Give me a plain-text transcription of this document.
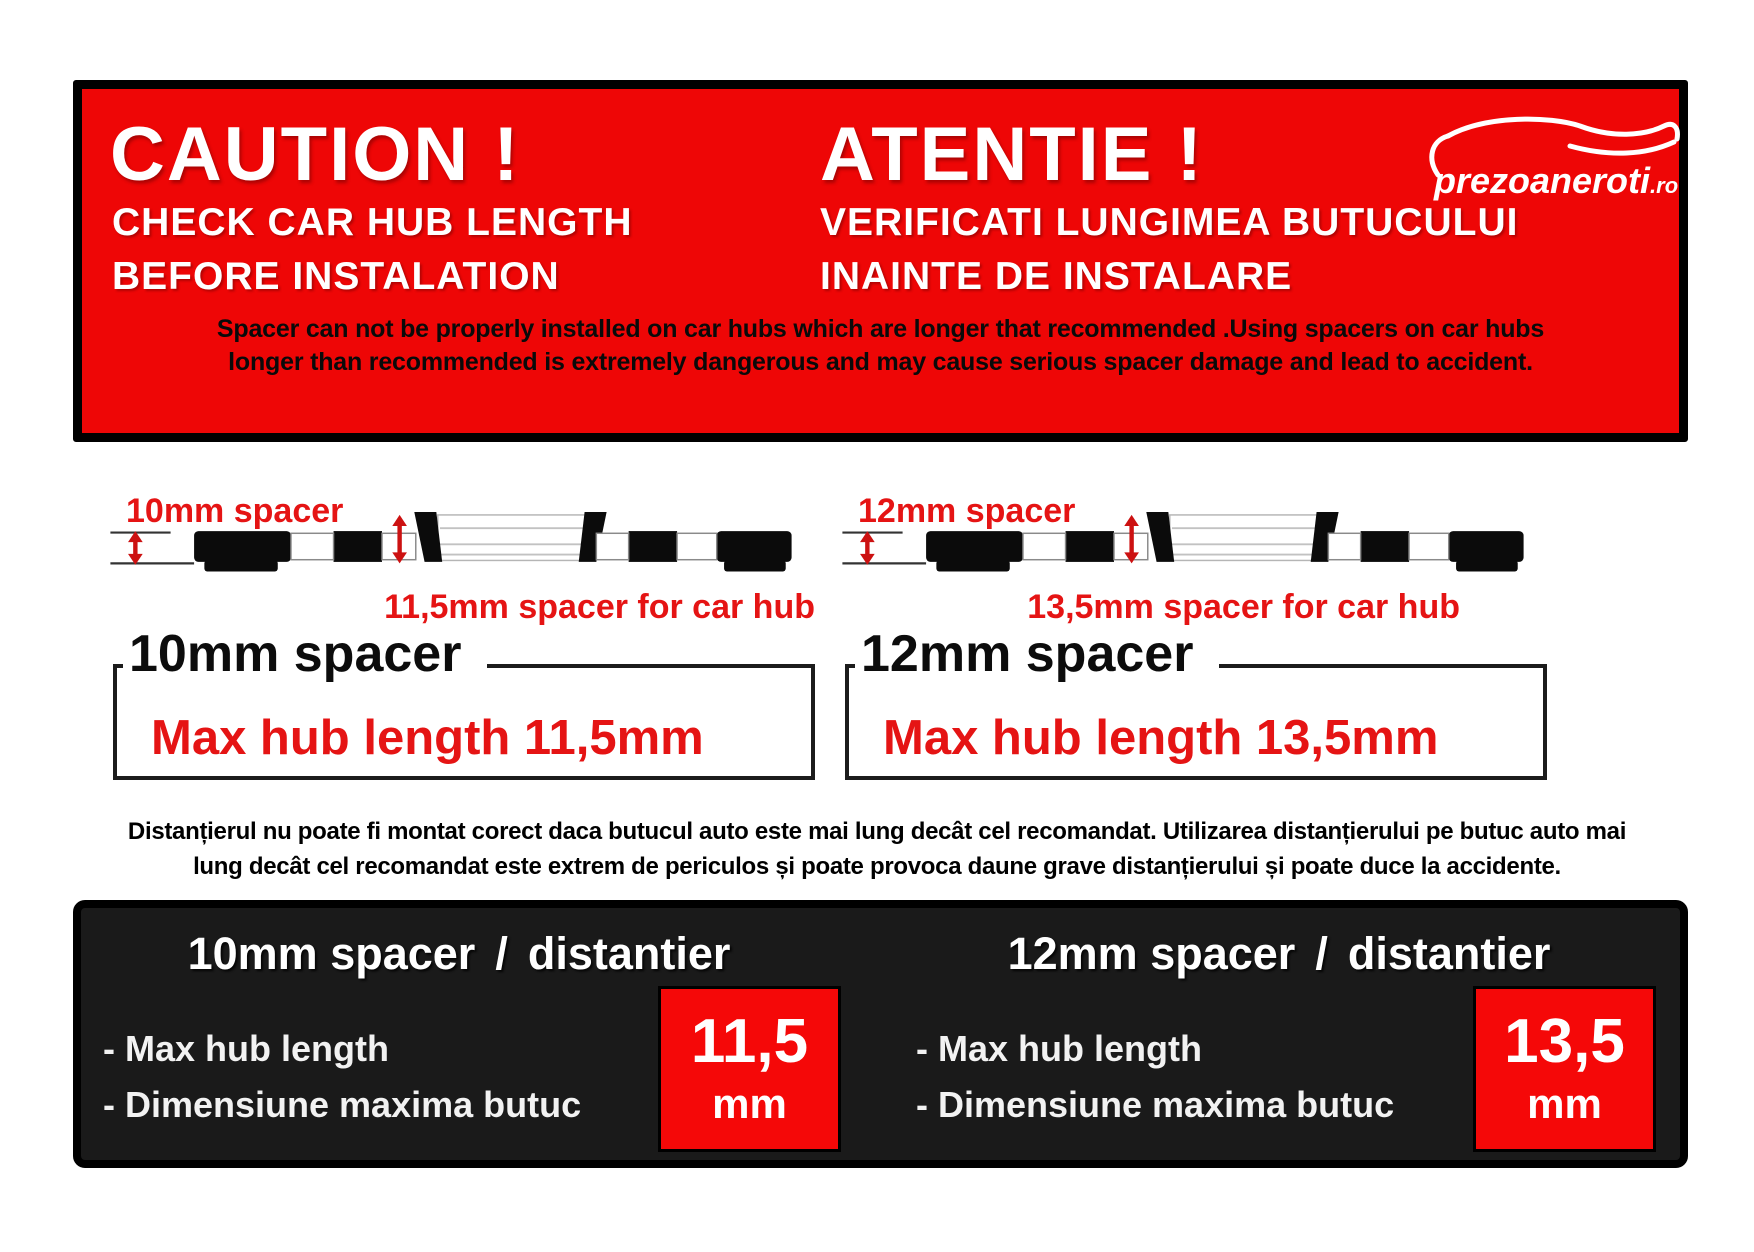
CAUTION !	ATENTIE !
CHECK CAR HUB LENGTH
BEFORE INSTALATION
VERIFICATI LUNGIMEA BUTUCULUI
INAINTE DE INSTALARE
Spacer can not be properly installed on car hubs which are longer that recommended .Using spacers on car hubs
longer than recommended is extremely dangerous and may cause serious spacer damage and lead to accident.
prezoaneroti.ro
10mm spacer
11,5mm spacer for car hub
10mm spacer
Max hub length 11,5mm
12mm spacer
13,5mm spacer for car hub
12mm spacer
Max hub length 13,5mm
Distanțierul nu poate fi montat corect daca butucul auto este mai lung decât cel recomandat. Utilizarea distanțierului pe butuc auto mai
lung decât cel recomandat este extrem de periculos și poate provoca daune grave distanțierului și poate duce la accidente.
10mm spacer / distantier
- Max hub length
- Dimensiune maxima butuc
11,5
mm
12mm spacer / distantier
- Max hub length
- Dimensiune maxima butuc
13,5
mm
